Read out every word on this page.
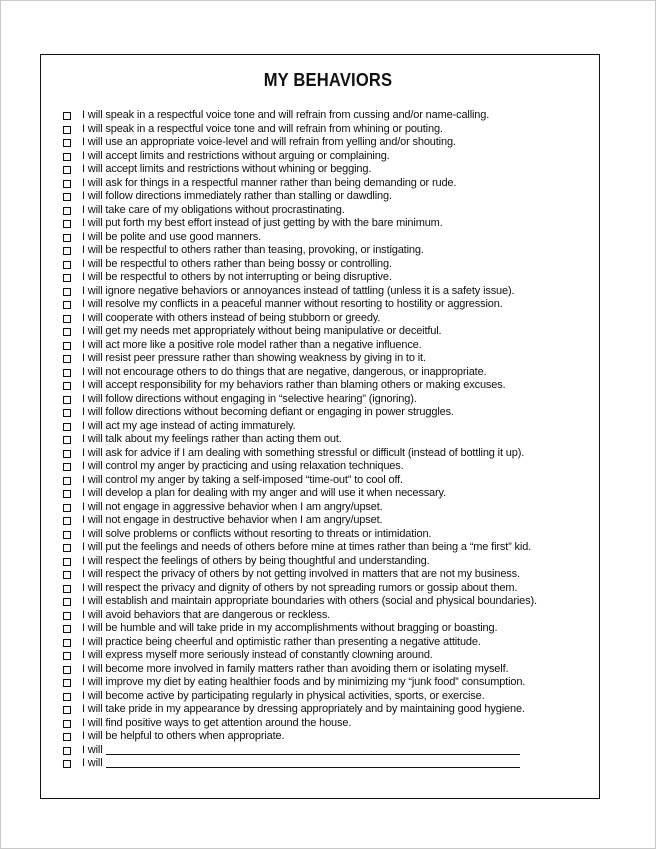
MY BEHAVIORS
I will speak in a respectful voice tone and will refrain from cussing and/or name-calling.
I will speak in a respectful voice tone and will refrain from whining or pouting.
I will use an appropriate voice-level and will refrain from yelling and/or shouting.
I will accept limits and restrictions without arguing or complaining.
I will accept limits and restrictions without whining or begging.
I will ask for things in a respectful manner rather than being demanding or rude.
I will follow directions immediately rather than stalling or dawdling.
I will take care of my obligations without procrastinating.
I will put forth my best effort instead of just getting by with the bare minimum.
I will be polite and use good manners.
I will be respectful to others rather than teasing, provoking, or instigating.
I will be respectful to others rather than being bossy or controlling.
I will be respectful to others by not interrupting or being disruptive.
I will ignore negative behaviors or annoyances instead of tattling (unless it is a safety issue).
I will resolve my conflicts in a peaceful manner without resorting to hostility or aggression.
I will cooperate with others instead of being stubborn or greedy.
I will get my needs met appropriately without being manipulative or deceitful.
I will act more like a positive role model rather than a negative influence.
I will resist peer pressure rather than showing weakness by giving in to it.
I will not encourage others to do things that are negative, dangerous, or inappropriate.
I will accept responsibility for my behaviors rather than blaming others or making excuses.
I will follow directions without engaging in “selective hearing” (ignoring).
I will follow directions without becoming defiant or engaging in power struggles.
I will act my age instead of acting immaturely.
I will talk about my feelings rather than acting them out.
I will ask for advice if I am dealing with something stressful or difficult (instead of bottling it up).
I will control my anger by practicing and using relaxation techniques.
I will control my anger by taking a self-imposed “time-out” to cool off.
I will develop a plan for dealing with my anger and will use it when necessary.
I will not engage in aggressive behavior when I am angry/upset.
I will not engage in destructive behavior when I am angry/upset.
I will solve problems or conflicts without resorting to threats or intimidation.
I will put the feelings and needs of others before mine at times rather than being a “me first” kid.
I will respect the feelings of others by being thoughtful and understanding.
I will respect the privacy of others by not getting involved in matters that are not my business.
I will respect the privacy and dignity of others by not spreading rumors or gossip about them.
I will establish and maintain appropriate boundaries with others (social and physical boundaries).
I will avoid behaviors that are dangerous or reckless.
I will be humble and will take pride in my accomplishments without bragging or boasting.
I will practice being cheerful and optimistic rather than presenting a negative attitude.
I will express myself more seriously instead of constantly clowning around.
I will become more involved in family matters rather than avoiding them or isolating myself.
I will improve my diet by eating healthier foods and by minimizing my “junk food” consumption.
I will become active by participating regularly in physical activities, sports, or exercise.
I will take pride in my appearance by dressing appropriately and by maintaining good hygiene.
I will find positive ways to get attention around the house.
I will be helpful to others when appropriate.
I will
I will
